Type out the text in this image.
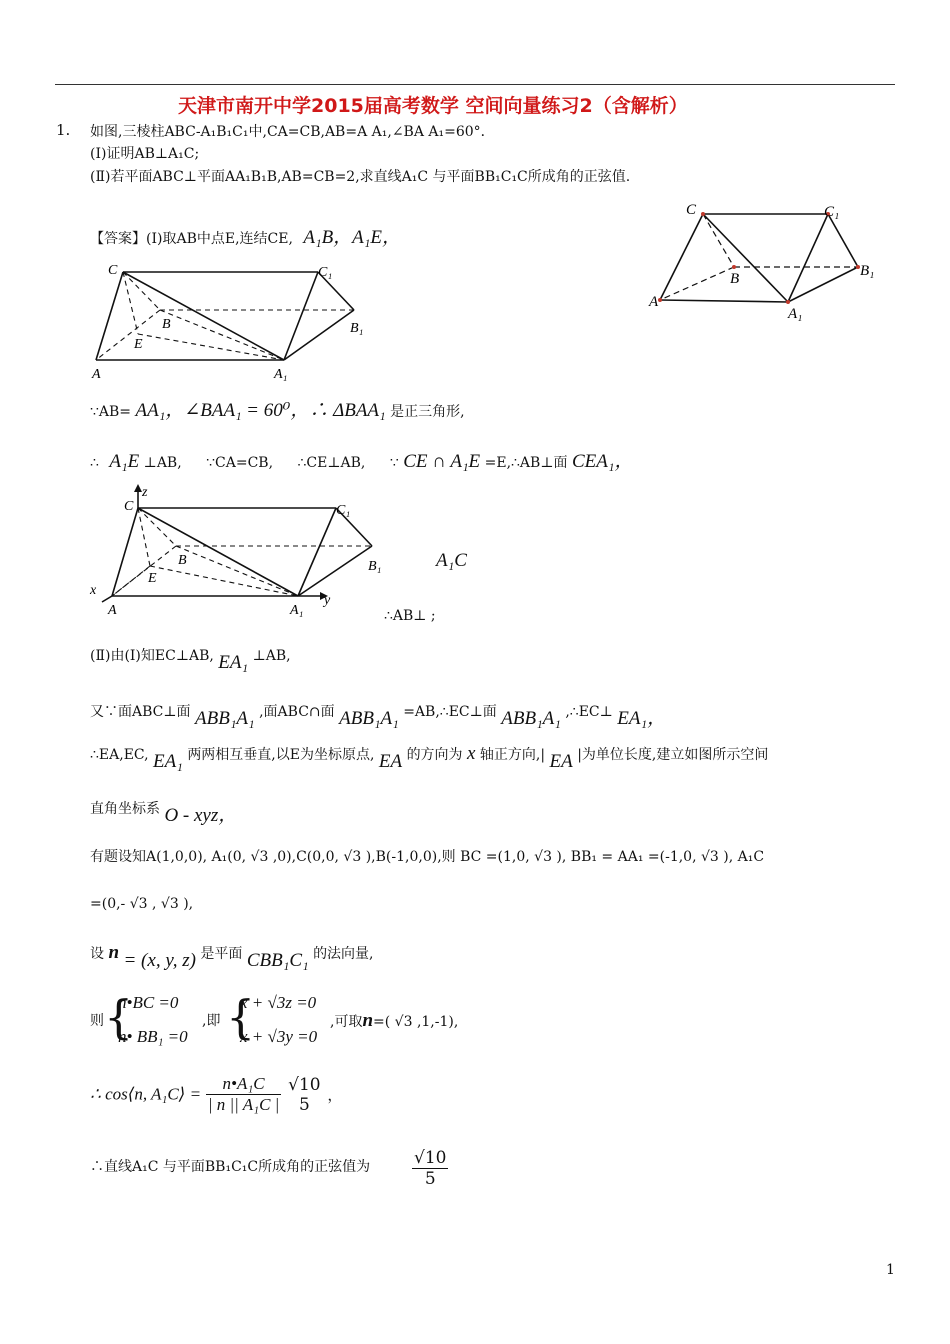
天津市南开中学2015届高考数学 空间向量练习2（含解析）
1. 如图,三棱柱ABC-A₁B₁C₁中,CA=CB,AB=A A₁,∠BA A₁=60°．
(Ⅰ)证明AB⊥A₁C;
(Ⅱ)若平面ABC⊥平面AA₁B₁B,AB=CB=2,求直线A₁C 与平面BB₁C₁C所成角的正弦值.
C	C₁
B	B₁
A
A₁
【答案】(Ⅰ)取AB中点E,连结CE, A₁B，A₁E，
C	C₁
B	B₁
E
A	A₁
∵AB= AA₁，∠BAA₁ = 60⁰，∴ ΔBAA₁ 是正三角形,
∴ A₁E ⊥AB, ∵CA=CB, ∴CE⊥AB, ∵ CE ∩ A₁E =E,∴AB⊥面 CEA₁，
z
C	C₁
B	B₁
E
x
A	A₁
y
A₁C
∴AB⊥ ;
(Ⅱ)由(Ⅰ)知EC⊥AB, EA₁ ⊥AB,
又∵面ABC⊥面 ABB₁A₁ ,面ABC∩面 ABB₁A₁ =AB,∴EC⊥面 ABB₁A₁ ,∴EC⊥ EA₁，
∴EA,EC, EA₁ 两两相互垂直,以E为坐标原点, EA 的方向为 x 轴正方向,| EA |为单位长度,建立如图所示空间
直角坐标系 O - xyz，
有题设知A(1,0,0), A₁(0, √3 ,0),C(0,0, √3 ),B(-1,0,0),则 BC =(1,0, √3 ), BB₁ = AA₁ =(-1,0, √3 ), A₁C
=(0,- √3 , √3 ),
设 n = (x, y, z) 是平面 CBB₁C₁ 的法向量,
则 {
n•BC =0
n• BB₁ =0
,即 {
x + √3z =0
x + √3y =0
,可取n=( √3 ,1,-1),
∴ cos⟨n, A₁C⟩ = $\frac{\text{n•A₁C}}{\text{| n || A₁C |}}$
√10
5	，
∴直线A₁C 与平面BB₁C₁C所成角的正弦值为 $\frac{√10}{5}$
1
